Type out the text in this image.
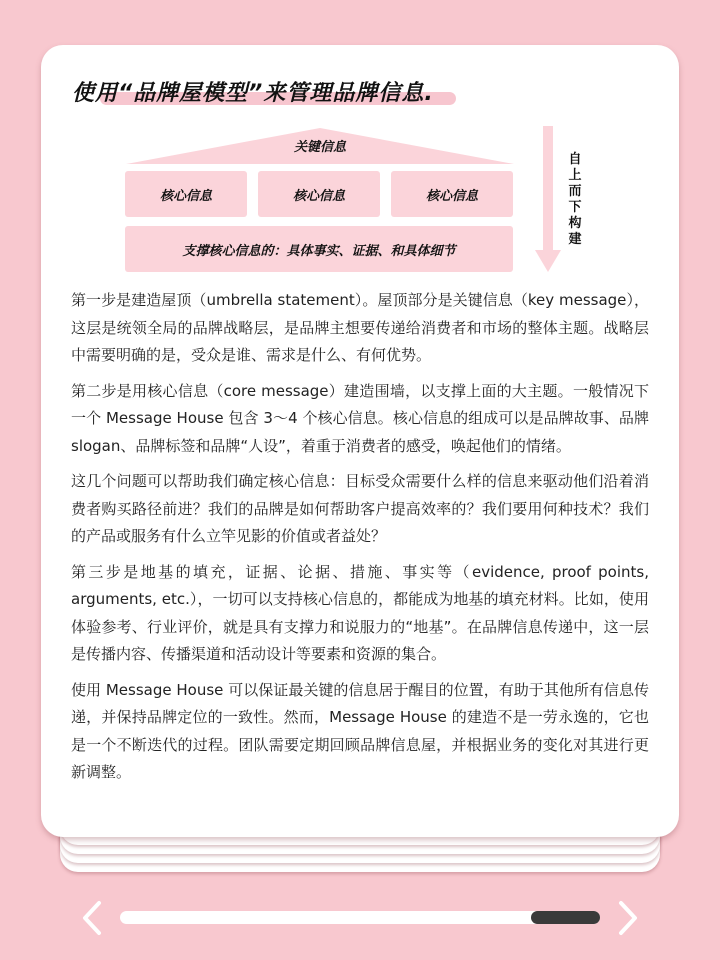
使用“品牌屋模型”来管理品牌信息.
关键信息
核心信息	核心信息	核心信息
支撑核心信息的：具体事实、证据、和具体细节
自上而下构建

第一步是建造屋顶（umbrella statement）。屋顶部分是关键信息（key message），这层是统领全局的品牌战略层，是品牌主想要传递给消费者和市场的整体主题。战略层中需要明确的是，受众是谁、需求是什么、有何优势。

第二步是用核心信息（core message）建造围墙，以支撑上面的大主题。一般情况下一个 Message House 包含 3～4 个核心信息。核心信息的组成可以是品牌故事、品牌slogan、品牌标签和品牌“人设”，着重于消费者的感受，唤起他们的情绪。

这几个问题可以帮助我们确定核心信息：目标受众需要什么样的信息来驱动他们沿着消费者购买路径前进？我们的品牌是如何帮助客户提高效率的？我们要用何种技术？我们的产品或服务有什么立竿见影的价值或者益处？

第三步是地基的填充，证据、论据、措施、事实等（evidence, proof points, arguments, etc.），一切可以支持核心信息的，都能成为地基的填充材料。比如，使用体验参考、行业评价，就是具有支撑力和说服力的“地基”。在品牌信息传递中，这一层是传播内容、传播渠道和活动设计等要素和资源的集合。

使用 Message House 可以保证最关键的信息居于醒目的位置，有助于其他所有信息传递，并保持品牌定位的一致性。然而，Message House 的建造不是一劳永逸的，它也是一个不断迭代的过程。团队需要定期回顾品牌信息屋，并根据业务的变化对其进行更新调整。
